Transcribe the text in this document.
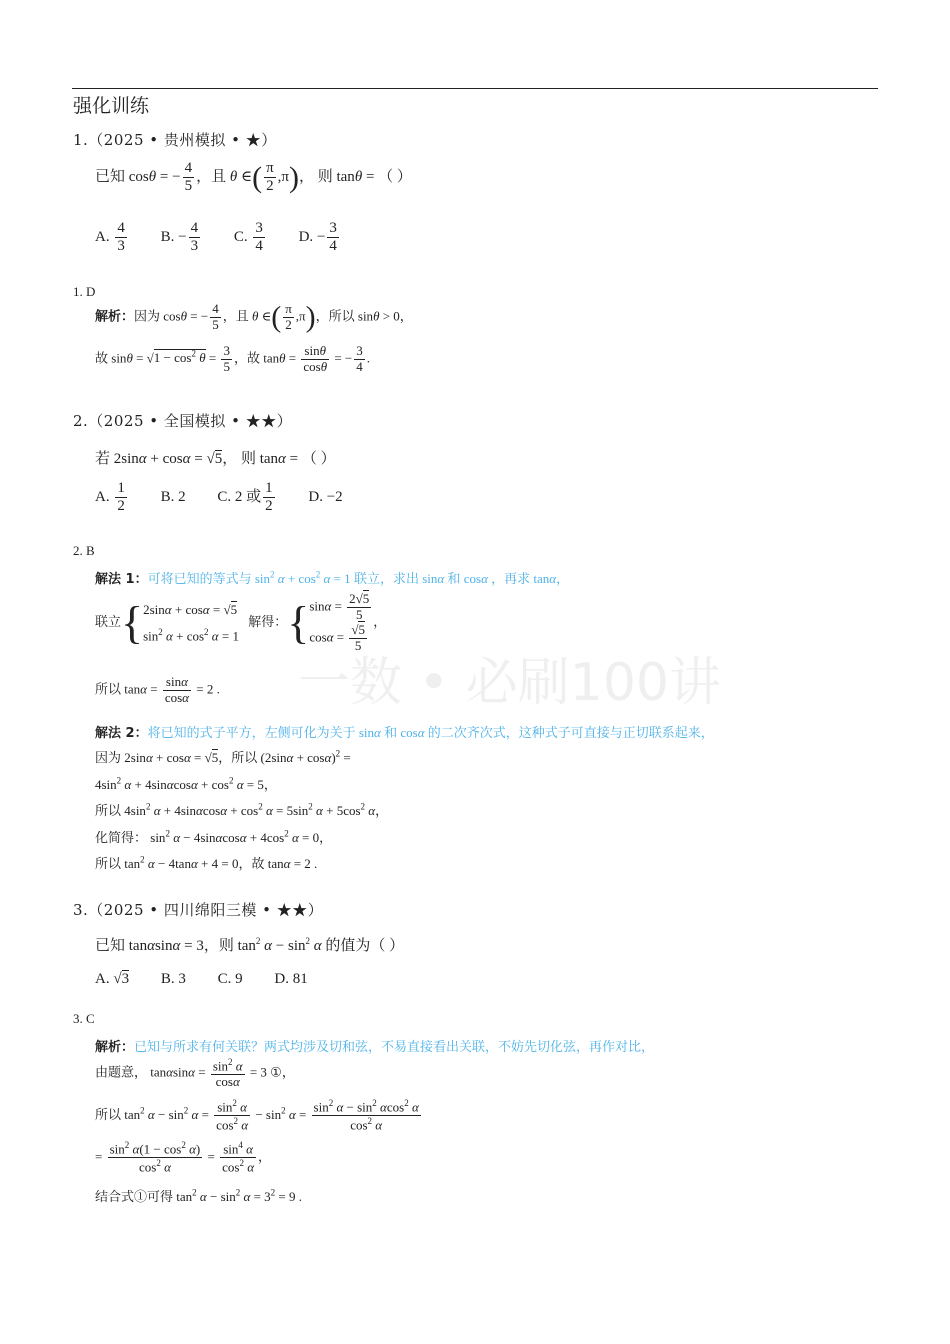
强化训练
一数 • 必刷100讲
1.（2025 • 贵州模拟 • ★）
已知 cosθ = − $\frac{4}{5}$ ，且 θ ∈( $\frac{\pi}{2} ,\pi$)， 则 tanθ = （ ）
A. $\frac{4}{3} B$. − $\frac{4}{3} C$. $\frac{3}{4} D$. − $\frac{3}{4}$
1. D
解析：因为 cosθ = − $\frac{4}{5}$ ，且 θ ∈( $\frac{\pi}{2} ,\pi$)，所以 sinθ > 0，
故 $\sin\theta = √1 - \cos^2 \theta = \frac{3}{5}$ ，故 $\tan\theta = \frac{\sin\theta}{\cos\theta}$ = − $\frac{3}{4}$ .
2.（2025 • 全国模拟 • ★★）
若 2sinα + cosα = √5， 则 tanα = （ ）
A. $\frac{1}{2} B$. 2 C. 2 或 $\frac{1}{2} D$. −2
2. B
解法 1：可将已知的等式与 $\sin^2 \alpha + \cos^2 \alpha = 1$ 联立，求出 sinα 和 cosα ，再求 tanα，
联立{ 2sinα + cosα = √5
$\sin^2 \alpha + \cos^2 \alpha = 1$
解得：{ $\sin\alpha = \frac{2√5}{5}$
$\cos\alpha = \frac{√5}{5}$
，
所以 $\tan\alpha = \frac{\sin\alpha}{\cos\alpha} = 2$ .
解法 2：将已知的式子平方，左侧可化为关于 sinα 和 cosα 的二次齐次式，这种式子可直接与正切联系起来，
因为 2sinα + cosα = √5，所以 $(2\sin\alpha + \cos\alpha)^2$ =
$4\sin^2$ $\alpha + 4\sin\alpha\cos\alpha + \cos^2 \alpha = 5$，
所以 $4\sin^2$ $\alpha + 4\sin\alpha\cos\alpha + \cos^2 \alpha = 5\sin^2$ $\alpha + 5\cos^2$ α，
化简得： $\sin^2 \alpha - 4\sin\alpha\cos\alpha + 4\cos^2$ α = 0，
所以 $\tan^2 \alpha - 4\tan\alpha + 4 = 0$，故 tanα = 2 .
3.（2025 • 四川绵阳三模 • ★★）
已知 tanαsinα = 3，则 $\tan^2 \alpha - \sin^2 \alpha$ 的值为（ ）
A. √3 B. 3 C. 9 D. 81
3. C
解析：已知与所求有何关联？两式均涉及切和弦，不易直接看出关联，不妨先切化弦，再作对比，
由题意， $\tan\alpha\sin\alpha = \frac{\sin^2 \alpha}{\cos\alpha} = 3$ ①，
所以 $\tan^2 \alpha - \sin^2 \alpha = \frac{\sin^2 \alpha}{\cos^2 \alpha} - \sin^2 \alpha = \frac{\sin^2 \alpha - \sin^2 \alpha\cos^2 \alpha}{\cos^2 \alpha}$
= $\frac{\sin^2 \alpha(1 - \cos^2 \alpha)}{\cos^2 \alpha} = \frac{\sin^4 \alpha}{\cos^2 \alpha}$ ，
结合式①可得 $\tan^2 \alpha - \sin^2 \alpha = 3^2 = 9$ .
